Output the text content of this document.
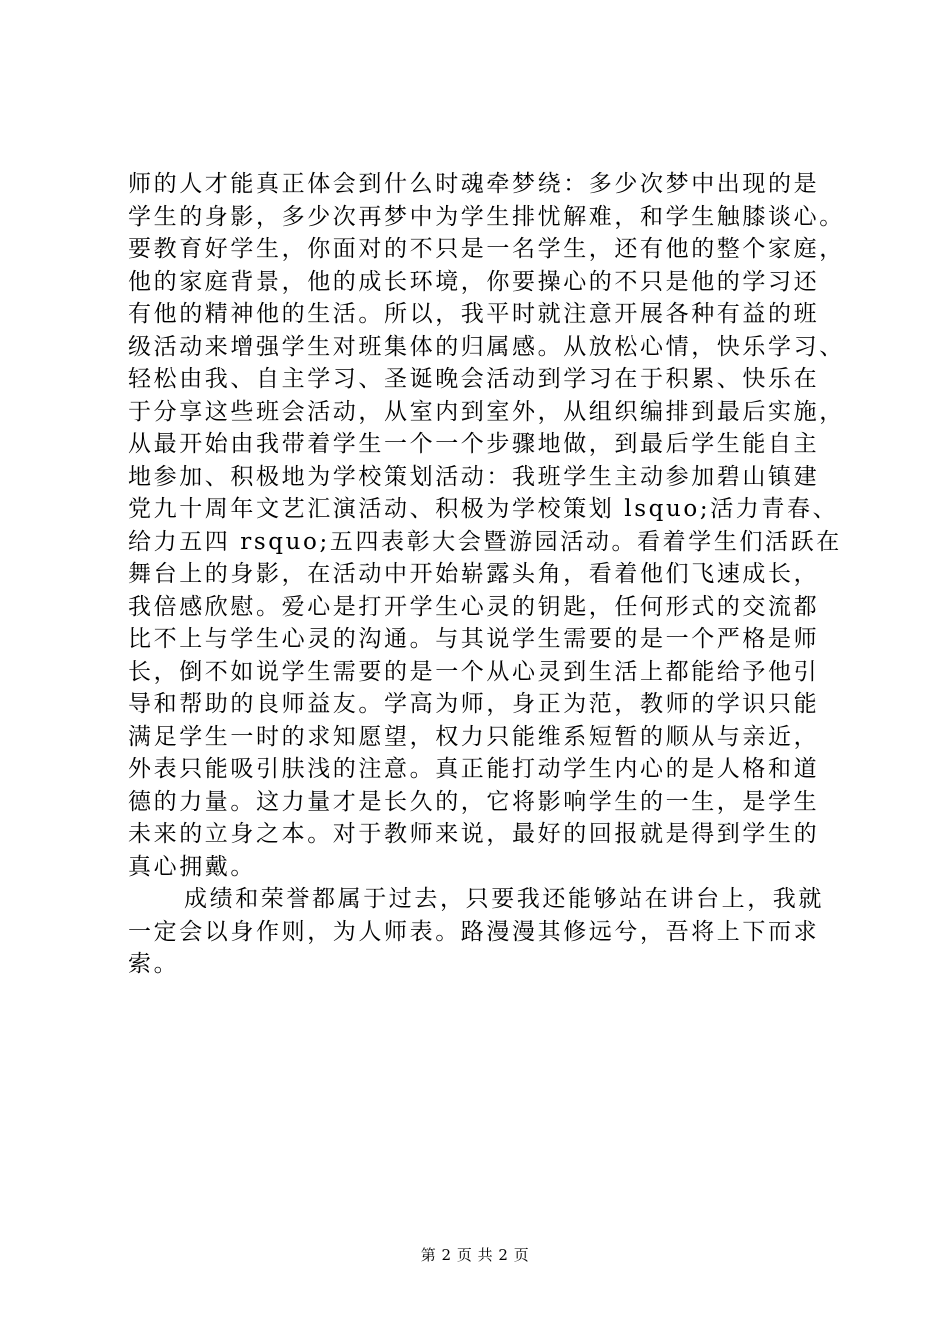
师的人才能真正体会到什么时魂牵梦绕：多少次梦中出现的是
学生的身影，多少次再梦中为学生排忧解难，和学生触膝谈心。
要教育好学生，你面对的不只是一名学生，还有他的整个家庭，
他的家庭背景，他的成长环境，你要操心的不只是他的学习还
有他的精神他的生活。所以，我平时就注意开展各种有益的班
级活动来增强学生对班集体的归属感。从放松心情，快乐学习、
轻松由我、自主学习、圣诞晚会活动到学习在于积累、快乐在
于分享这些班会活动，从室内到室外，从组织编排到最后实施，
从最开始由我带着学生一个一个步骤地做，到最后学生能自主
地参加、积极地为学校策划活动：我班学生主动参加碧山镇建
党九十周年文艺汇演活动、积极为学校策划 lsquo;活力青春、
给力五四 rsquo;五四表彰大会暨游园活动。看着学生们活跃在
舞台上的身影，在活动中开始崭露头角，看着他们飞速成长，
我倍感欣慰。爱心是打开学生心灵的钥匙，任何形式的交流都
比不上与学生心灵的沟通。与其说学生需要的是一个严格是师
长，倒不如说学生需要的是一个从心灵到生活上都能给予他引
导和帮助的良师益友。学高为师，身正为范，教师的学识只能
满足学生一时的求知愿望，权力只能维系短暂的顺从与亲近，
外表只能吸引肤浅的注意。真正能打动学生内心的是人格和道
德的力量。这力量才是长久的，它将影响学生的一生，是学生
未来的立身之本。对于教师来说，最好的回报就是得到学生的
真心拥戴。
成绩和荣誉都属于过去，只要我还能够站在讲台上，我就
一定会以身作则，为人师表。路漫漫其修远兮，吾将上下而求
索。
第 2 页 共 2 页
